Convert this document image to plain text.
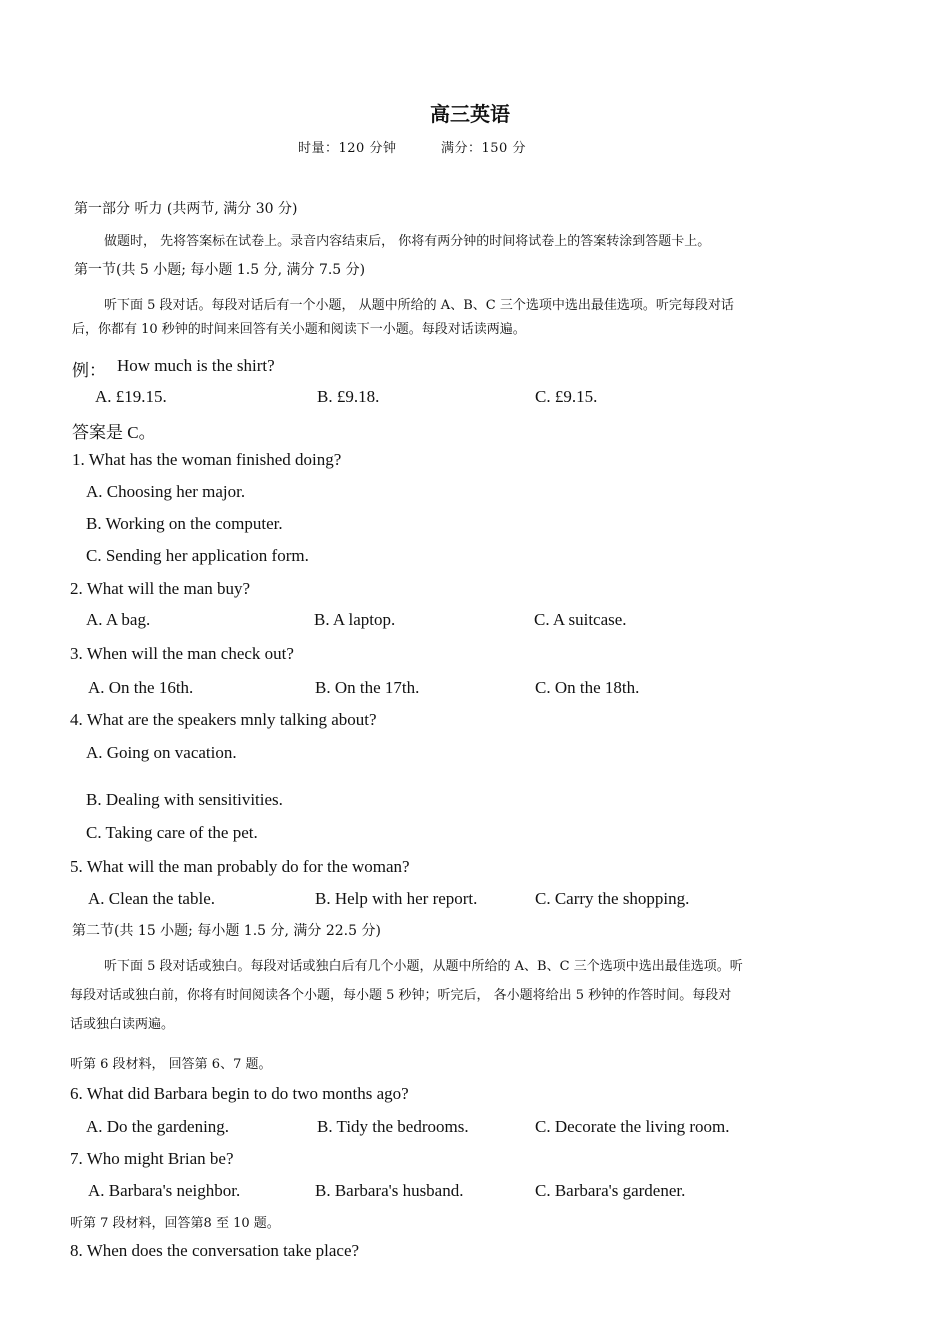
高三英语
时量：120 分钟	满分：150 分
第一部分 听力 (共两节, 满分 30 分)
做题时， 先将答案标在试卷上。录音内容结束后， 你将有两分钟的时间将试卷上的答案转涂到答题卡上。
第一节(共 5 小题; 每小题 1.5 分, 满分 7.5 分)
听下面 5 段对话。每段对话后有一个小题， 从题中所给的 A、B、C 三个选项中选出最佳选项。听完每段对话
后，你都有 10 秒钟的时间来回答有关小题和阅读下一小题。每段对话读两遍。
例： How much is the shirt?
A. £19.15.	B. £9.18.	C. £9.15.
答案是 C。
1. What has the woman finished doing?
A. Choosing her major.
B. Working on the computer.
C. Sending her application form.
2. What will the man buy?
A. A bag.	B. A laptop.	C. A suitcase.
3. When will the man check out?
A. On the 16th.	B. On the 17th.	C. On the 18th.
4. What are the speakers mnly talking about?
A. Going on vacation.
B. Dealing with sensitivities.
C. Taking care of the pet.
5. What will the man probably do for the woman?
A. Clean the table.	B. Help with her report.	C. Carry the shopping.
第二节(共 15 小题; 每小题 1.5 分, 满分 22.5 分)
听下面 5 段对话或独白。每段对话或独白后有几个小题，从题中所给的 A、B、C 三个选项中选出最佳选项。听
每段对话或独白前，你将有时间阅读各个小题，每小题 5 秒钟；听完后， 各小题将给出 5 秒钟的作答时间。每段对
话或独白读两遍。
听第 6 段材料， 回答第 6、7 题。
6. What did Barbara begin to do two months ago?
A. Do the gardening.	B. Tidy the bedrooms.	C. Decorate the living room.
7. Who might Brian be?
A. Barbara's neighbor.	B. Barbara's husband.	C. Barbara's gardener.
听第 7 段材料，回答第8 至 10 题。
8. When does the conversation take place?
